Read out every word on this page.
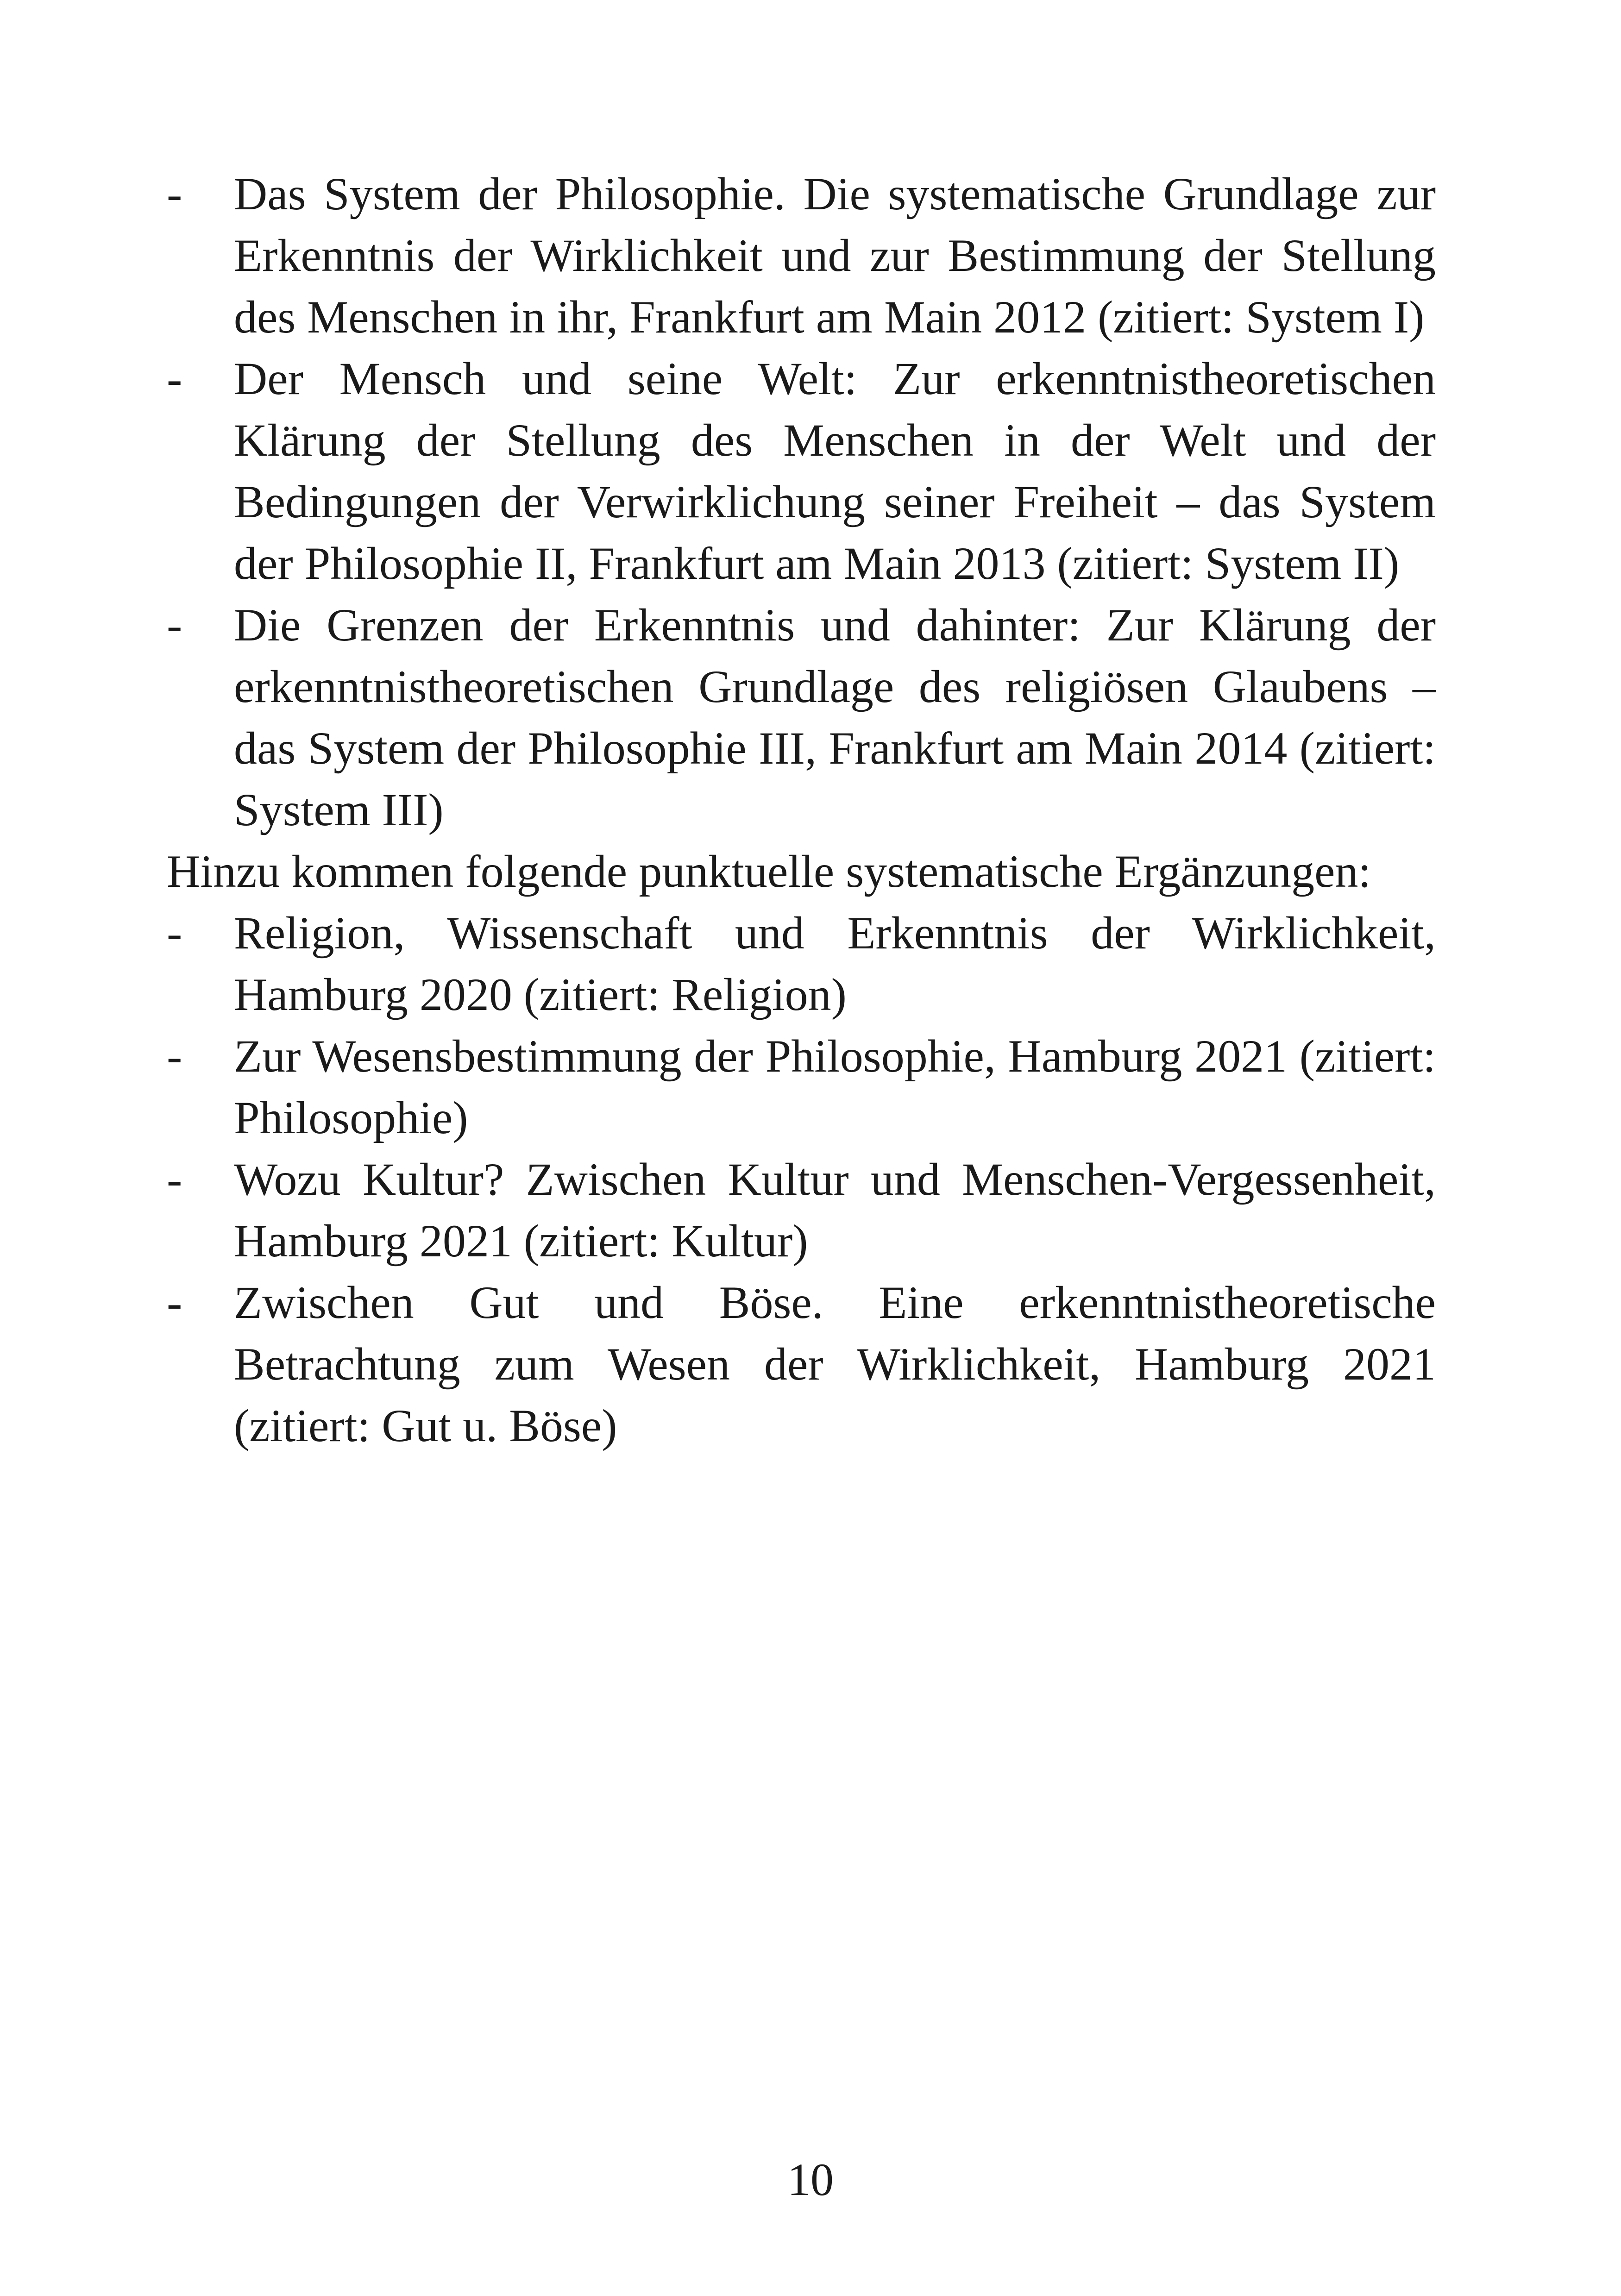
- Das System der Philosophie. Die systematische Grundlage zur Erkenntnis der Wirklichkeit und zur Bestimmung der Stellung des Menschen in ihr, Frankfurt am Main 2012 (zitiert: System I)
- Der Mensch und seine Welt: Zur erkenntnistheoretischen Klärung der Stellung des Menschen in der Welt und der Bedingungen der Verwirklichung seiner Freiheit – das System der Philosophie II, Frankfurt am Main 2013 (zitiert: System II)
- Die Grenzen der Erkenntnis und dahinter: Zur Klärung der erkenntnistheoretischen Grundlage des religiösen Glaubens – das System der Philosophie III, Frankfurt am Main 2014 (zitiert: System III)

Hinzu kommen folgende punktuelle systematische Ergänzungen:

- Religion, Wissenschaft und Erkenntnis der Wirklichkeit, Hamburg 2020 (zitiert: Religion)
- Zur Wesensbestimmung der Philosophie, Hamburg 2021 (zitiert: Philosophie)
- Wozu Kultur? Zwischen Kultur und Menschen-Vergessenheit, Hamburg 2021 (zitiert: Kultur)
- Zwischen Gut und Böse. Eine erkenntnistheoretische Betrachtung zum Wesen der Wirklichkeit, Hamburg 2021 (zitiert: Gut u. Böse)
10
